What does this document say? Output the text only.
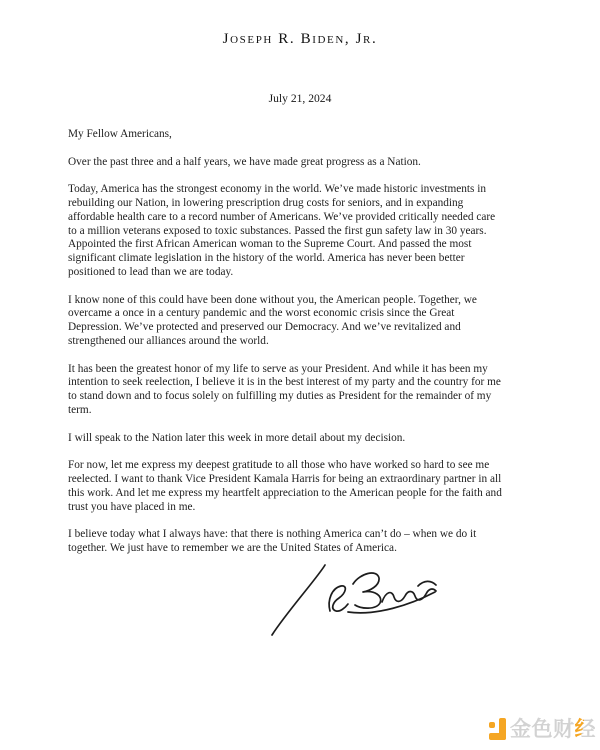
Joseph R. Biden, Jr.
July 21, 2024
My Fellow Americans,
Over the past three and a half years, we have made great progress as a Nation.
Today, America has the strongest economy in the world. We’ve made historic investments in
rebuilding our Nation, in lowering prescription drug costs for seniors, and in expanding
affordable health care to a record number of Americans. We’ve provided critically needed care
to a million veterans exposed to toxic substances. Passed the first gun safety law in 30 years.
Appointed the first African American woman to the Supreme Court. And passed the most
significant climate legislation in the history of the world. America has never been better
positioned to lead than we are today.
I know none of this could have been done without you, the American people. Together, we
overcame a once in a century pandemic and the worst economic crisis since the Great
Depression. We’ve protected and preserved our Democracy. And we’ve revitalized and
strengthened our alliances around the world.
It has been the greatest honor of my life to serve as your President. And while it has been my
intention to seek reelection, I believe it is in the best interest of my party and the country for me
to stand down and to focus solely on fulfilling my duties as President for the remainder of my
term.
I will speak to the Nation later this week in more detail about my decision.
For now, let me express my deepest gratitude to all those who have worked so hard to see me
reelected. I want to thank Vice President Kamala Harris for being an extraordinary partner in all
this work. And let me express my heartfelt appreciation to the American people for the faith and
trust you have placed in me.
I believe today what I always have: that there is nothing America can’t do – when we do it
together. We just have to remember we are the United States of America.
金色财经
